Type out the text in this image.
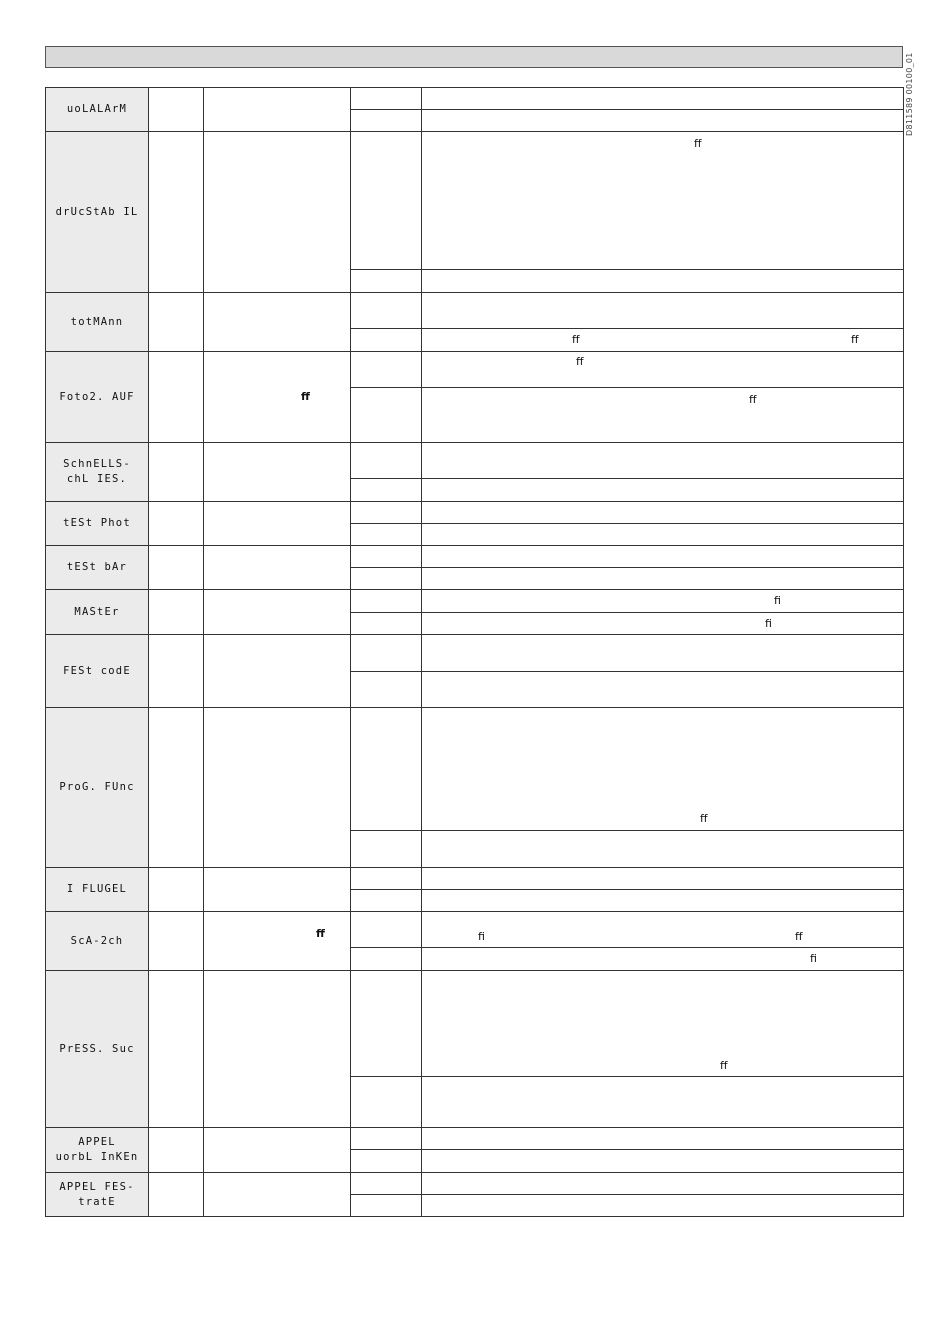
D811589 00100_01
uoLALArM				

drUcStAb IL				ff

totMAnn				

				ff ff

Foto2. AUF		ff		ff

				ff

SchnELLS-
chL IES.				

tESt Phot				

tESt bAr				

MAStEr				fi

				fi

FESt codE				

ProG. FUnc				ff

I FLUGEL				

ScA-2ch		ff		fi ff

				fi

PrESS. Suc				ff

APPEL
uorbL InKEn				

APPEL FES-
tratE				
